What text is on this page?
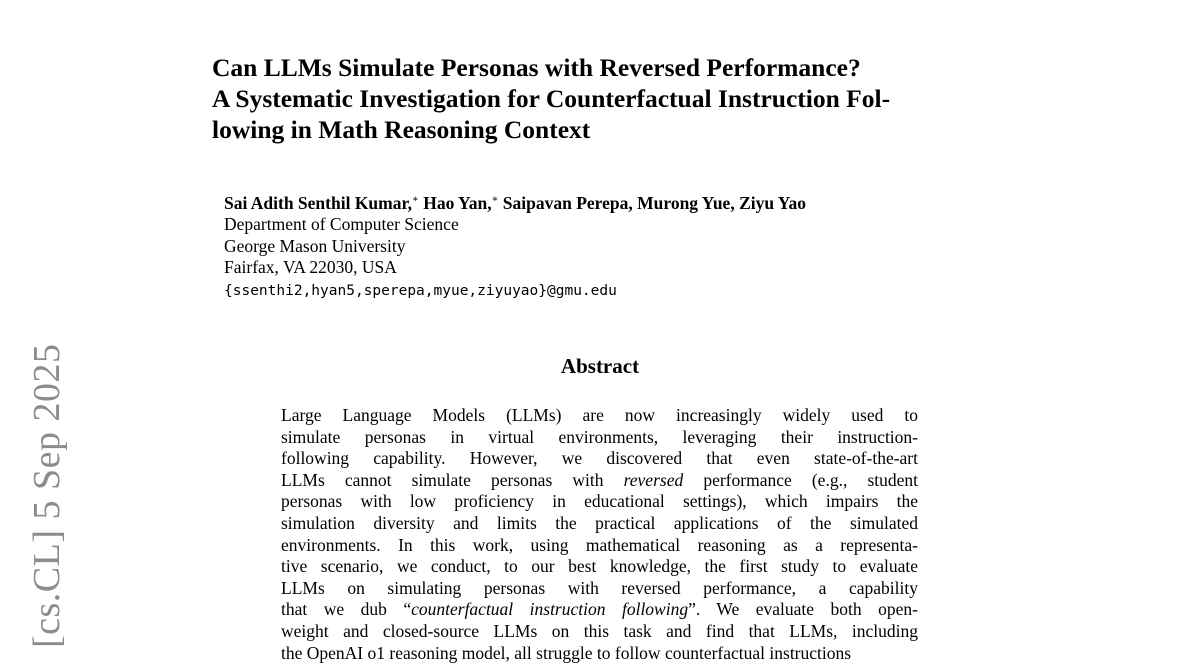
[cs.CL] 5 Sep 2025
Can LLMs Simulate Personas with Reversed Performance?
A Systematic Investigation for Counterfactual Instruction Fol-
lowing in Math Reasoning Context
Sai Adith Senthil Kumar,∗ Hao Yan,∗ Saipavan Perepa, Murong Yue, Ziyu Yao
Department of Computer Science
George Mason University
Fairfax, VA 22030, USA
{ssenthi2,hyan5,sperepa,myue,ziyuyao}@gmu.edu
Abstract
Large Language Models (LLMs) are now increasingly widely used to
simulate personas in virtual environments, leveraging their instruction-
following capability. However, we discovered that even state-of-the-art
LLMs cannot simulate personas with reversed performance (e.g., student
personas with low proficiency in educational settings), which impairs the
simulation diversity and limits the practical applications of the simulated
environments. In this work, using mathematical reasoning as a representa-
tive scenario, we conduct, to our best knowledge, the first study to evaluate
LLMs on simulating personas with reversed performance, a capability
that we dub “counterfactual instruction following”. We evaluate both open-
weight and closed-source LLMs on this task and find that LLMs, including
the OpenAI o1 reasoning model, all struggle to follow counterfactual instructions
